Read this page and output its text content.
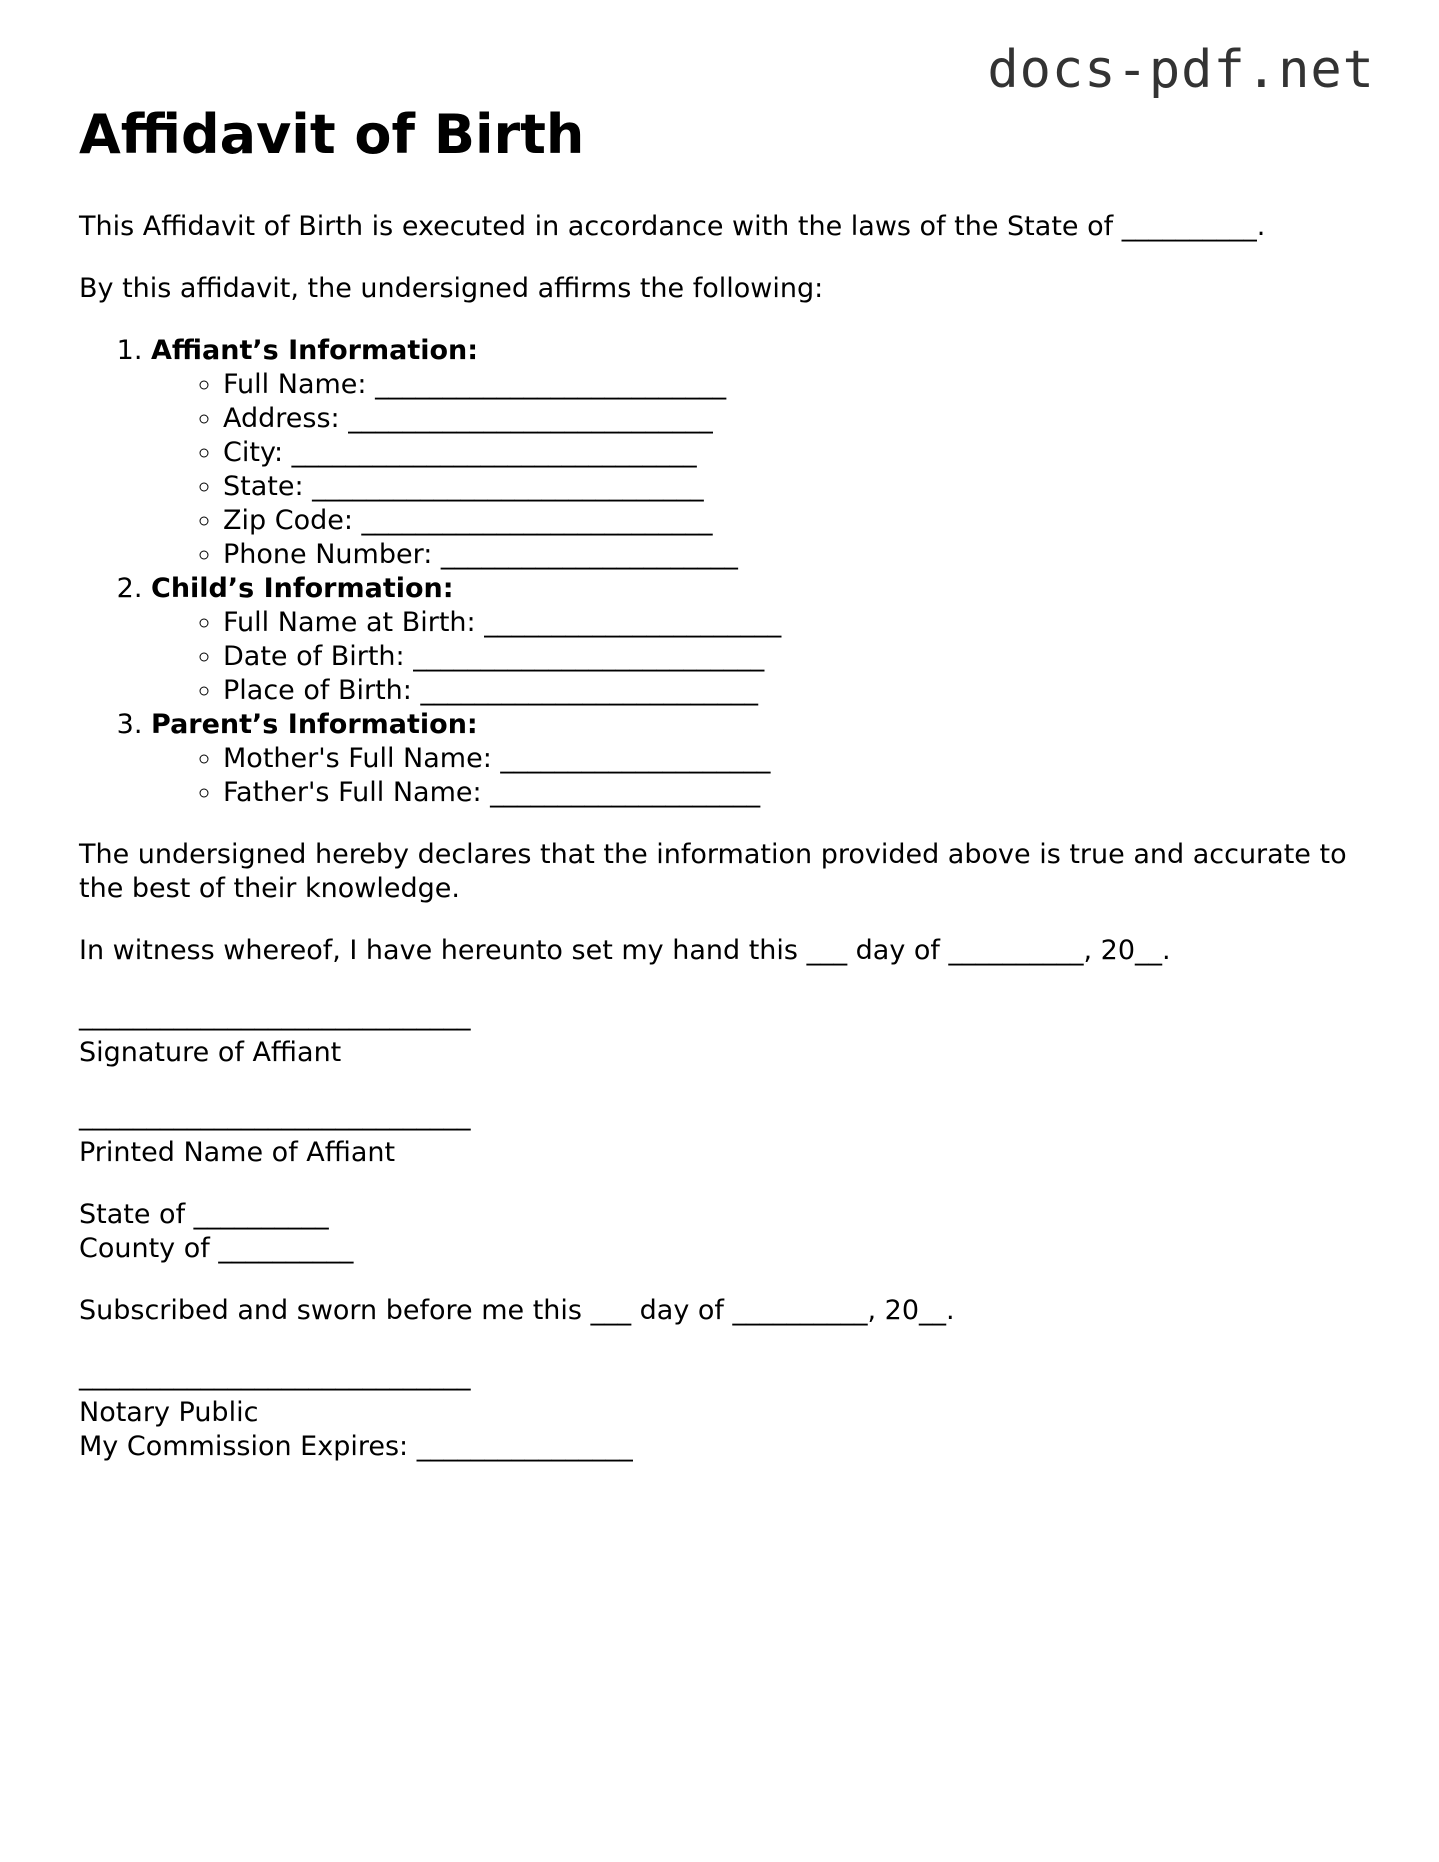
docs-pdf.net
Affidavit of Birth
This Affidavit of Birth is executed in accordance with the laws of the State of __________.
By this affidavit, the undersigned affirms the following:
1. Affiant’s Information:
◦ Full Name: __________________________
◦ Address: ___________________________
◦ City: ______________________________
◦ State: _____________________________
◦ Zip Code: __________________________
◦ Phone Number: ______________________
2. Child’s Information:
◦ Full Name at Birth: ______________________
◦ Date of Birth: __________________________
◦ Place of Birth: _________________________
3. Parent’s Information:
◦ Mother's Full Name: ____________________
◦ Father's Full Name: ____________________

The undersigned hereby declares that the information provided above is true and accurate to the best of their knowledge.

In witness whereof, I have hereunto set my hand this ___ day of __________, 20__.
_____________________________
Signature of Affiant
_____________________________
Printed Name of Affiant
State of __________
County of __________
Subscribed and sworn before me this ___ day of __________, 20__.
_____________________________
Notary Public
My Commission Expires: ________________
